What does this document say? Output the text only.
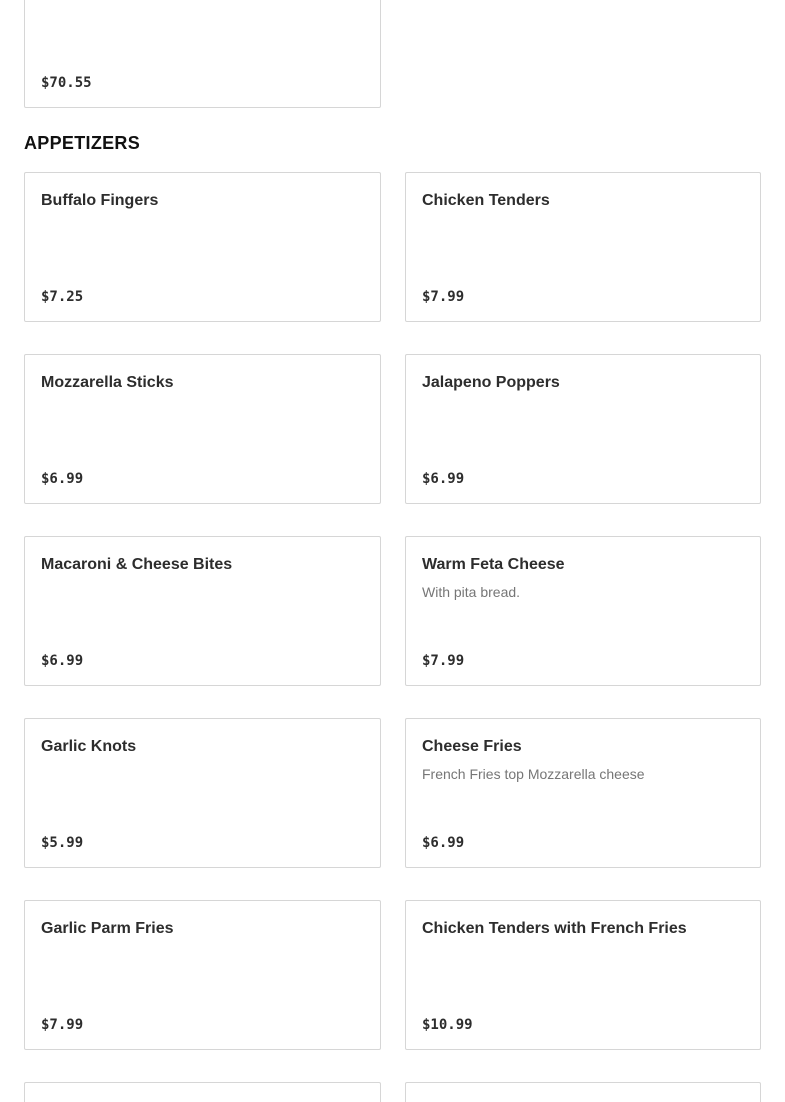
$70.55
APPETIZERS
Buffalo Fingers
$7.25
Chicken Tenders
$7.99
Mozzarella Sticks
$6.99
Jalapeno Poppers
$6.99
Macaroni & Cheese Bites
$6.99
Warm Feta Cheese
With pita bread.
$7.99
Garlic Knots
$5.99
Cheese Fries
French Fries top Mozzarella cheese
$6.99
Garlic Parm Fries
$7.99
Chicken Tenders with French Fries
$10.99
